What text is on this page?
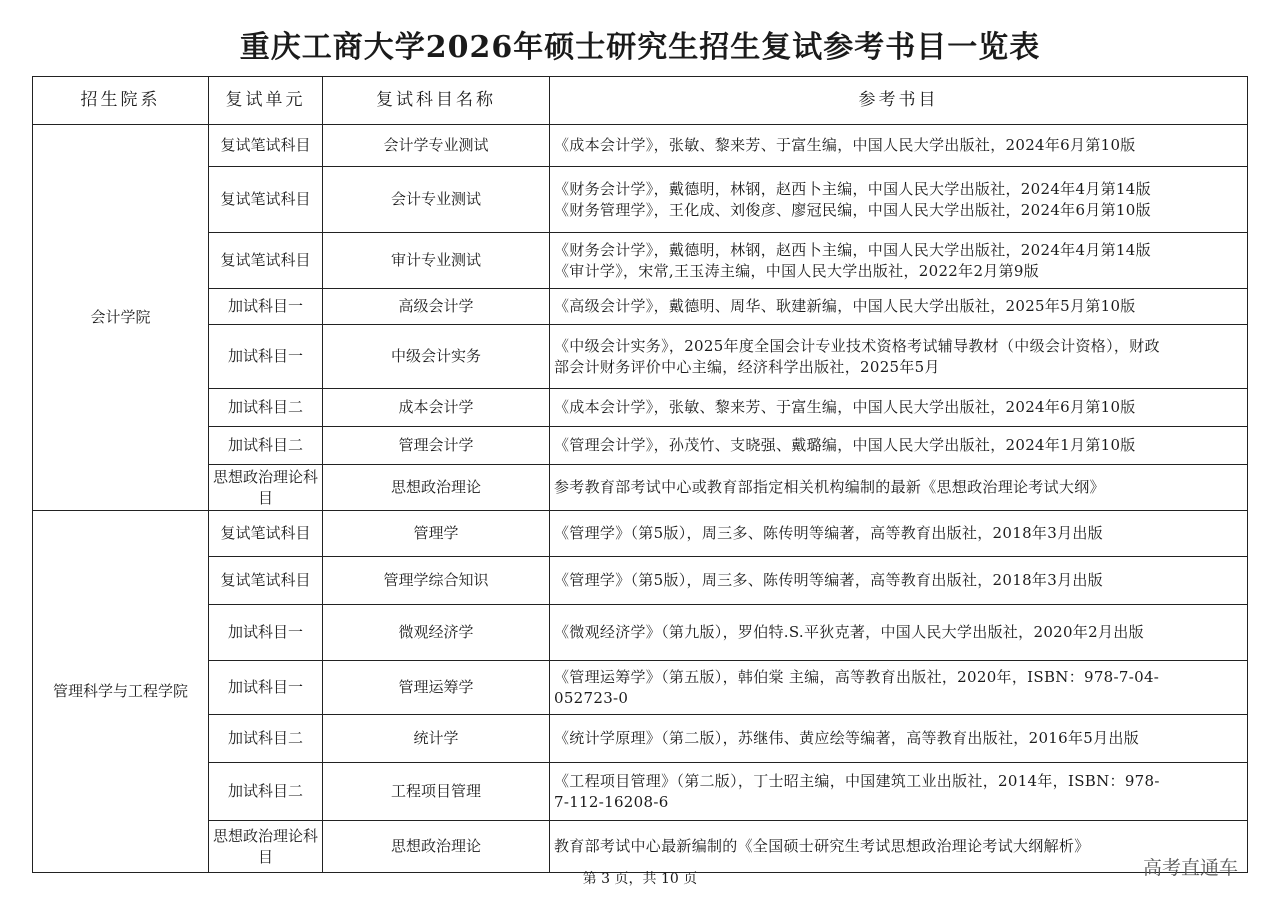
重庆工商大学2026年硕士研究生招生复试参考书目一览表
招生院系	复试单元	复试科目名称	参考书目
会计学院	复试笔试科目	会计学专业测试	《成本会计学》，张敏、黎来芳、于富生编，中国人民大学出版社，2024年6月第10版

	复试笔试科目	会计专业测试	《财务会计学》，戴德明，林钢，赵西卜主编，中国人民大学出版社，2024年4月第14版
《财务管理学》，王化成、刘俊彦、廖冠民编，中国人民大学出版社，2024年6月第10版

	复试笔试科目	审计专业测试	《财务会计学》，戴德明，林钢，赵西卜主编，中国人民大学出版社，2024年4月第14版
《审计学》，宋常,王玉涛主编，中国人民大学出版社，2022年2月第9版

	加试科目一	高级会计学	《高级会计学》，戴德明、周华、耿建新编，中国人民大学出版社，2025年5月第10版

	加试科目一	中级会计实务	《中级会计实务》，2025年度全国会计专业技术资格考试辅导教材（中级会计资格），财政
部会计财务评价中心主编，经济科学出版社，2025年5月

	加试科目二	成本会计学	《成本会计学》，张敏、黎来芳、于富生编，中国人民大学出版社，2024年6月第10版

	加试科目二	管理会计学	《管理会计学》，孙茂竹、支晓强、戴璐编，中国人民大学出版社，2024年1月第10版

	思想政治理论科目	思想政治理论	参考教育部考试中心或教育部指定相关机构编制的最新《思想政治理论考试大纲》

管理科学与工程学院	复试笔试科目	管理学	《管理学》（第5版），周三多、陈传明等编著，高等教育出版社，2018年3月出版

	复试笔试科目	管理学综合知识	《管理学》（第5版），周三多、陈传明等编著，高等教育出版社，2018年3月出版

	加试科目一	微观经济学	《微观经济学》（第九版），罗伯特.S.平狄克著，中国人民大学出版社，2020年2月出版

	加试科目一	管理运筹学	《管理运筹学》（第五版），韩伯棠 主编，高等教育出版社，2020年，ISBN：978-7-04-
052723-0

	加试科目二	统计学	《统计学原理》（第二版），苏继伟、黄应绘等编著，高等教育出版社，2016年5月出版

	加试科目二	工程项目管理	《工程项目管理》（第二版），丁士昭主编，中国建筑工业出版社，2014年，ISBN：978-
7-112-16208-6

	思想政治理论科目	思想政治理论	教育部考试中心最新编制的《全国硕士研究生考试思想政治理论考试大纲解析》
第 3 页，共 10 页	高考直通车
